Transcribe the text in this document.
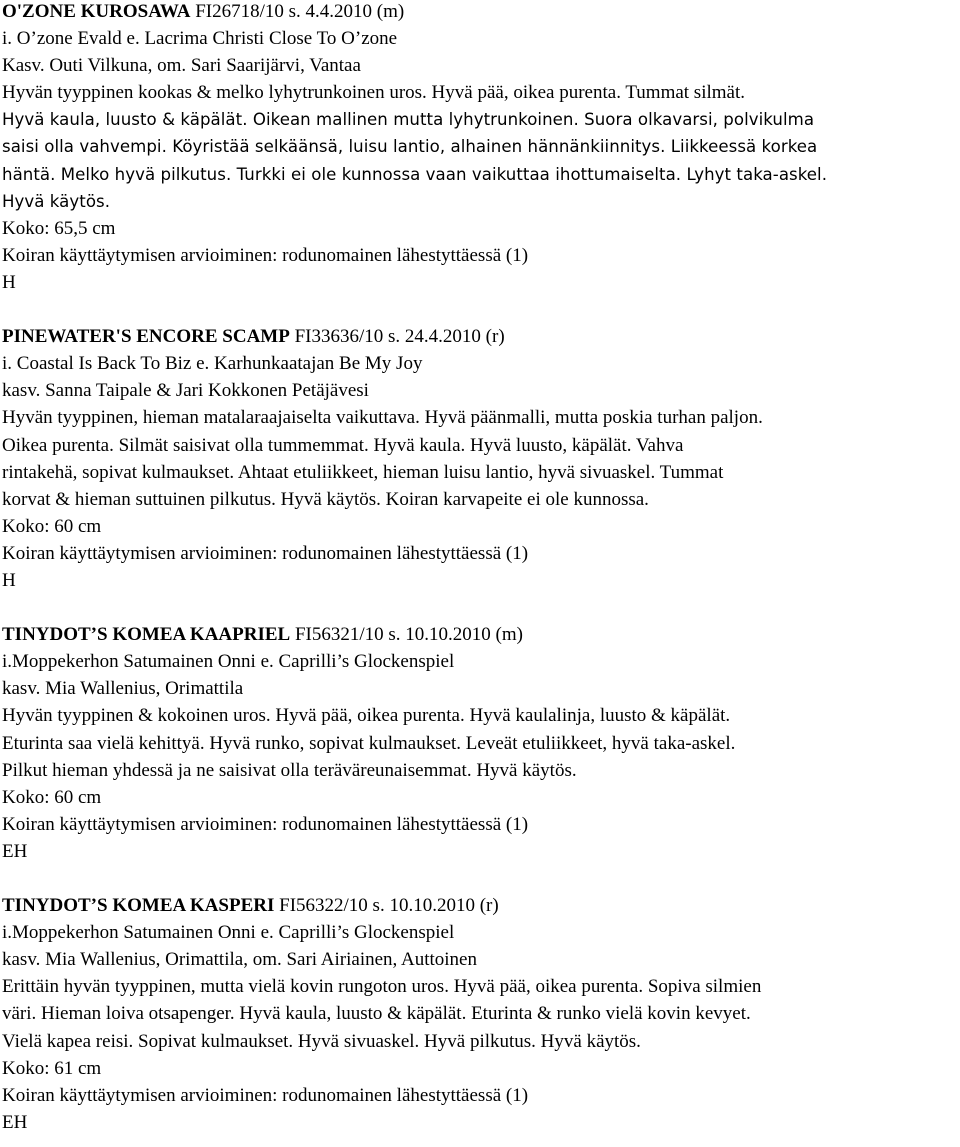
O'ZONE KUROSAWA FI26718/10 s. 4.4.2010 (m)
i. O’zone Evald e. Lacrima Christi Close To O’zone
Kasv. Outi Vilkuna, om. Sari Saarijärvi, Vantaa
Hyvän tyyppinen kookas & melko lyhytrunkoinen uros. Hyvä pää, oikea purenta. Tummat silmät.
Hyvä kaula, luusto & käpälät. Oikean mallinen mutta lyhytrunkoinen. Suora olkavarsi, polvikulma
saisi olla vahvempi. Köyristää selkäänsä, luisu lantio, alhainen hännänkiinnitys. Liikkeessä korkea
häntä. Melko hyvä pilkutus. Turkki ei ole kunnossa vaan vaikuttaa ihottumaiselta. Lyhyt taka-askel.
Hyvä käytös.
Koko: 65,5 cm
Koiran käyttäytymisen arvioiminen: rodunomainen lähestyttäessä (1)
H
PINEWATER'S ENCORE SCAMP FI33636/10 s. 24.4.2010 (r)
i. Coastal Is Back To Biz e. Karhunkaatajan Be My Joy
kasv. Sanna Taipale & Jari Kokkonen Petäjävesi
Hyvän tyyppinen, hieman matalaraajaiselta vaikuttava. Hyvä päänmalli, mutta poskia turhan paljon.
Oikea purenta. Silmät saisivat olla tummemmat. Hyvä kaula. Hyvä luusto, käpälät. Vahva
rintakehä, sopivat kulmaukset. Ahtaat etuliikkeet, hieman luisu lantio, hyvä sivuaskel. Tummat
korvat & hieman suttuinen pilkutus. Hyvä käytös. Koiran karvapeite ei ole kunnossa.
Koko: 60 cm
Koiran käyttäytymisen arvioiminen: rodunomainen lähestyttäessä (1)
H
TINYDOT’S KOMEA KAAPRIEL FI56321/10 s. 10.10.2010 (m)
i.Moppekerhon Satumainen Onni e. Caprilli’s Glockenspiel
kasv. Mia Wallenius, Orimattila
Hyvän tyyppinen & kokoinen uros. Hyvä pää, oikea purenta. Hyvä kaulalinja, luusto & käpälät.
Eturinta saa vielä kehittyä. Hyvä runko, sopivat kulmaukset. Leveät etuliikkeet, hyvä taka-askel.
Pilkut hieman yhdessä ja ne saisivat olla teräväreunaisemmat. Hyvä käytös.
Koko: 60 cm
Koiran käyttäytymisen arvioiminen: rodunomainen lähestyttäessä (1)
EH
TINYDOT’S KOMEA KASPERI FI56322/10 s. 10.10.2010 (r)
i.Moppekerhon Satumainen Onni e. Caprilli’s Glockenspiel
kasv. Mia Wallenius, Orimattila, om. Sari Airiainen, Auttoinen
Erittäin hyvän tyyppinen, mutta vielä kovin rungoton uros. Hyvä pää, oikea purenta. Sopiva silmien
väri. Hieman loiva otsapenger. Hyvä kaula, luusto & käpälät. Eturinta & runko vielä kovin kevyet.
Vielä kapea reisi. Sopivat kulmaukset. Hyvä sivuaskel. Hyvä pilkutus. Hyvä käytös.
Koko: 61 cm
Koiran käyttäytymisen arvioiminen: rodunomainen lähestyttäessä (1)
EH
